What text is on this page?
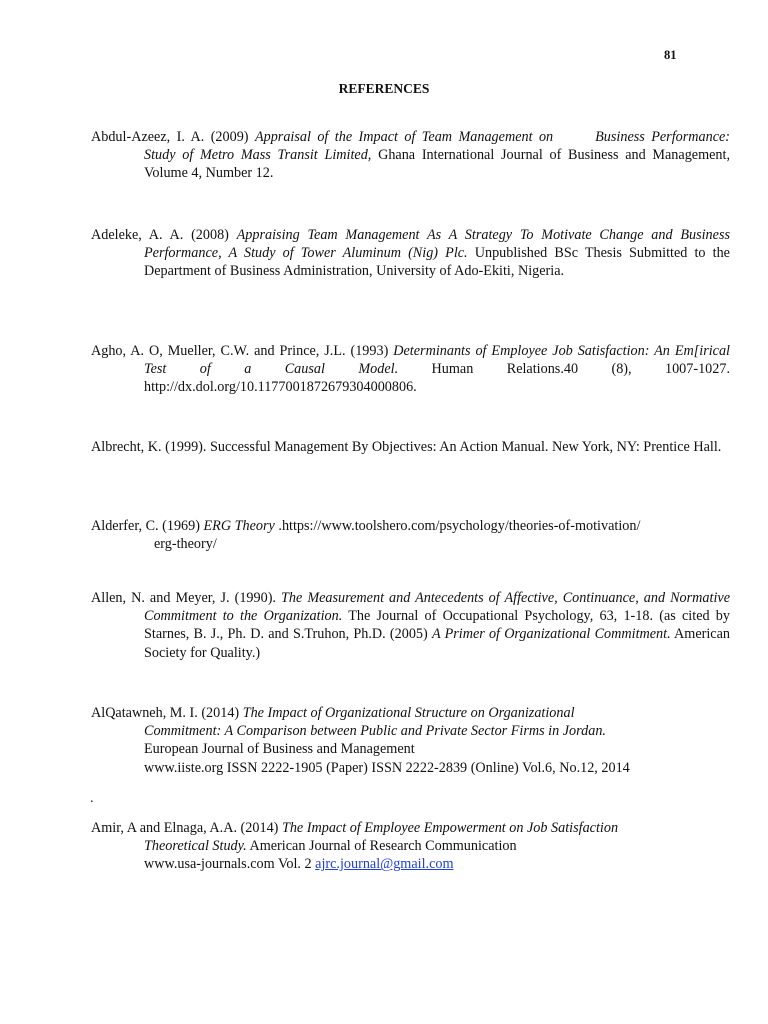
81
REFERENCES
Abdul-Azeez, I. A. (2009) Appraisal of the Impact of Team Management on	Business Performance: Study of Metro Mass Transit Limited, Ghana International Journal of Business and Management, Volume 4, Number 12.
Adeleke, A. A. (2008) Appraising Team Management As A Strategy To Motivate Change and Business Performance, A Study of Tower Aluminum (Nig) Plc. Unpublished BSc Thesis Submitted to the Department of Business Administration, University of Ado-Ekiti, Nigeria.
Agho, A. O, Mueller, C.W. and Prince, J.L. (1993) Determinants of Employee Job Satisfaction: An Em[irical Test of a Causal Model. Human Relations.40 (8), 1007-1027. http://dx.dol.org/10.1177001872679304000806.
Albrecht, K. (1999). Successful Management By Objectives: An Action Manual. New York, NY: Prentice Hall.
Alderfer, C. (1969) ERG Theory .https://www.toolshero.com/psychology/theories-of-motivation/
erg-theory/
Allen, N. and Meyer, J. (1990). The Measurement and Antecedents of Affective, Continuance, and Normative Commitment to the Organization. The Journal of Occupational Psychology, 63, 1-18. (as cited by Starnes, B. J., Ph. D. and S.Truhon, Ph.D. (2005) A Primer of Organizational Commitment. American Society for Quality.)
AlQatawneh, M. I. (2014) The Impact of Organizational Structure on Organizational
Commitment: A Comparison between Public and Private Sector Firms in Jordan.
European Journal of Business and Management
www.iiste.org ISSN 2222-1905 (Paper) ISSN 2222-2839 (Online) Vol.6, No.12, 2014
.
Amir, A and Elnaga, A.A. (2014) The Impact of Employee Empowerment on Job Satisfaction
Theoretical Study. American Journal of Research Communication
www.usa-journals.com Vol. 2 ajrc.journal@gmail.com
